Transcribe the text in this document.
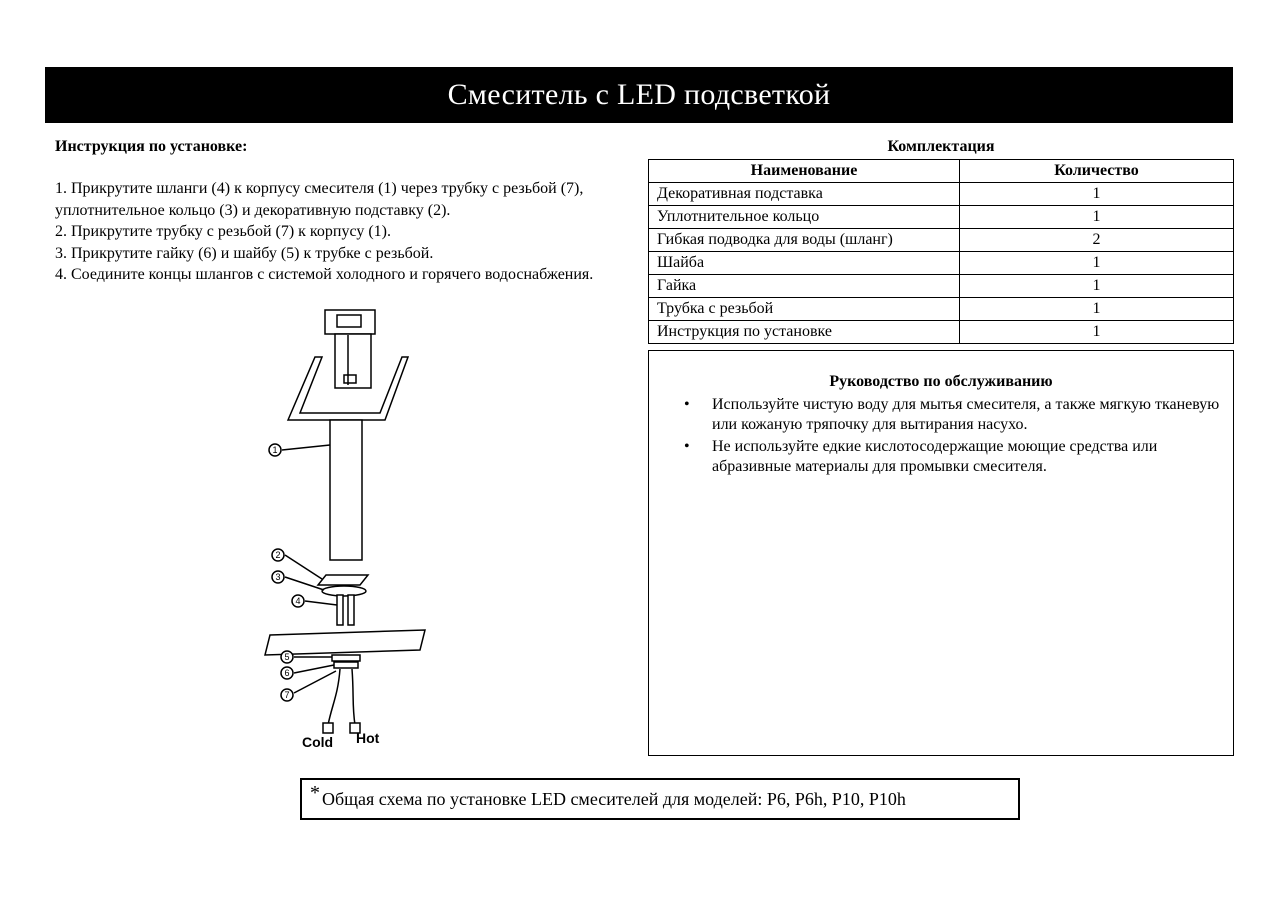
Смеситель с LED подсветкой
Инструкция по установке:

1. Прикрутите шланги (4) к корпусу смесителя (1) через трубку с резьбой (7), уплотнительное кольцо (3) и декоративную подставку (2).

2. Прикрутите трубку с резьбой (7) к корпусу (1).

3. Прикрутите гайку (6) и шайбу (5) к трубке с резьбой.

4. Соедините концы шлангов с системой холодного и горячего водоснабжения.

1
2
3
4
5
6
7
Cold Hot
Комплектация
Наименование	Количество
Декоративная подставка	1
Уплотнительное кольцо	1
Гибкая подводка для воды (шланг)	2
Шайба	1
Гайка	1
Трубка с резьбой	1
Инструкция по установке	1
Руководство по обслуживанию
• Используйте чистую воду для мытья смесителя, а также мягкую тканевую или кожаную тряпочку для вытирания насухо.
• Не используйте едкие кислотосодержащие моющие средства или абразивные материалы для промывки смесителя.
* Общая схема по установке LED смесителей для моделей: P6, P6h, P10, P10h
